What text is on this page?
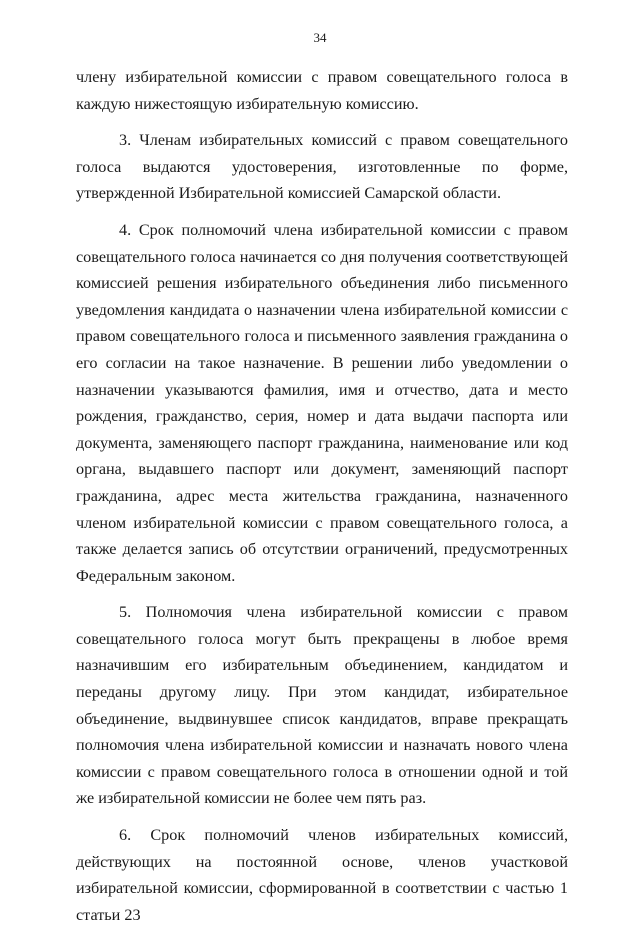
34

члену избирательной комиссии с правом совещательного голоса в каждую нижестоящую избирательную комиссию.

3. Членам избирательных комиссий с правом совещательного голоса выдаются удостоверения, изготовленные по форме, утвержденной Избирательной комиссией Самарской области.

4. Срок полномочий члена избирательной комиссии с правом совещательного голоса начинается со дня получения соответствующей комиссией решения избирательного объединения либо письменного уведомления кандидата о назначении члена избирательной комиссии с правом совещательного голоса и письменного заявления гражданина о его согласии на такое назначение. В решении либо уведомлении о назначении указываются фамилия, имя и отчество, дата и место рождения, гражданство, серия, номер и дата выдачи паспорта или документа, заменяющего паспорт гражданина, наименование или код органа, выдавшего паспорт или документ, заменяющий паспорт гражданина, адрес места жительства гражданина, назначенного членом избирательной комиссии с правом совещательного голоса, а также делается запись об отсутствии ограничений, предусмотренных Федеральным законом.

5. Полномочия члена избирательной комиссии с правом совещательного голоса могут быть прекращены в любое время назначившим его избирательным объединением, кандидатом и переданы другому лицу. При этом кандидат, избирательное объединение, выдвинувшее список кандидатов, вправе прекращать полномочия члена избирательной комиссии и назначать нового члена комиссии с правом совещательного голоса в отношении одной и той же избирательной комиссии не более чем пять раз.

6. Срок полномочий членов избирательных комиссий, действующих на постоянной основе, членов участковой избирательной комиссии, сформированной в соответствии с частью 1 статьи 23
